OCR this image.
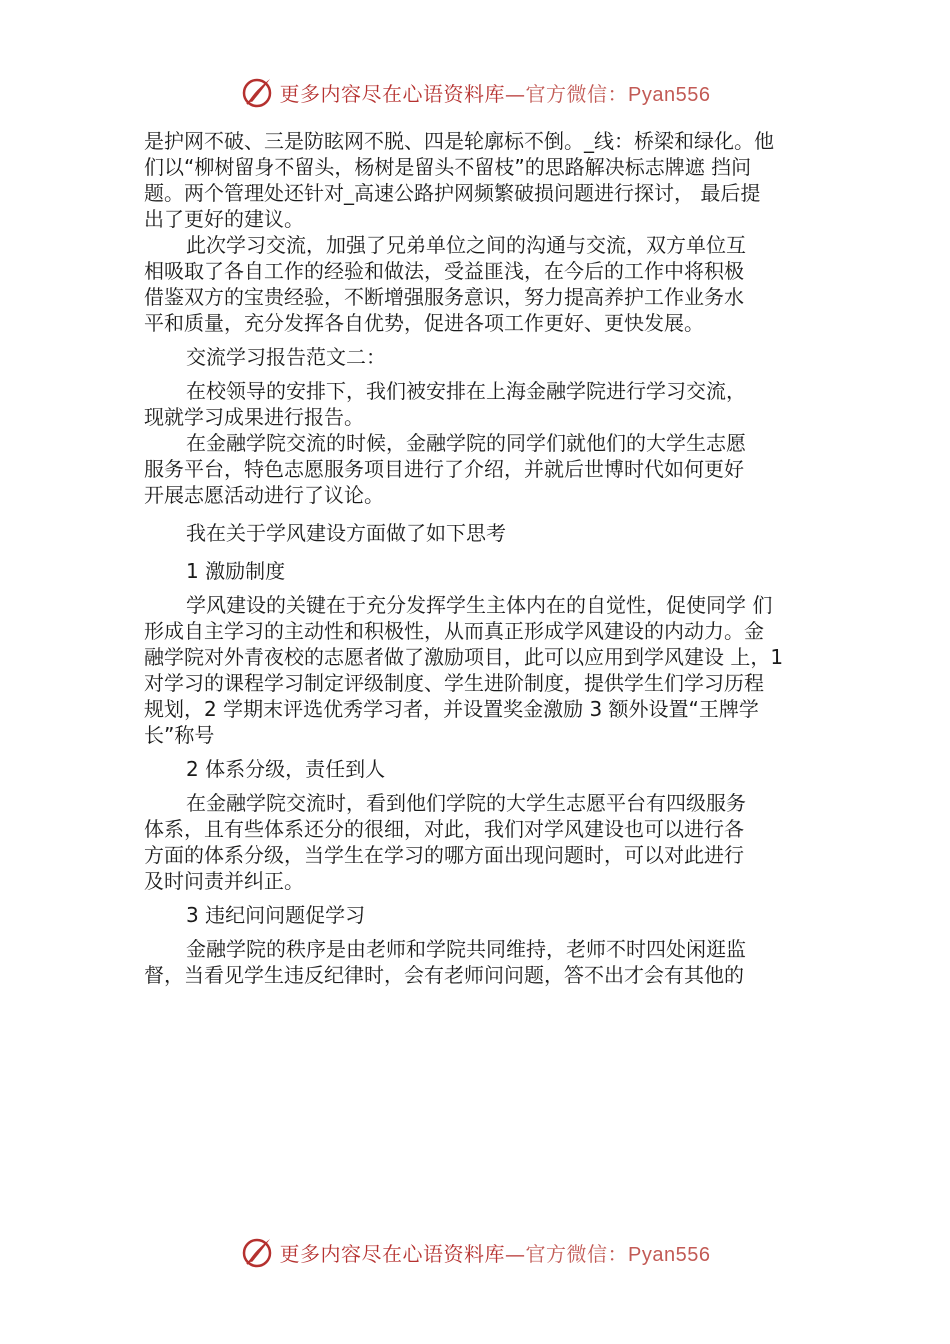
更多内容尽在心语资料库—官方微信：Pyan556
是护网不破、三是防眩网不脱、四是轮廓标不倒。_线：桥梁和绿化。他
们以“柳树留身不留头，杨树是留头不留枝”的思路解决标志牌遮 挡问
题。两个管理处还针对_高速公路护网频繁破损问题进行探讨， 最后提
出了更好的建议。
此次学习交流，加强了兄弟单位之间的沟通与交流，双方单位互
相吸取了各自工作的经验和做法，受益匪浅，在今后的工作中将积极
借鉴双方的宝贵经验，不断增强服务意识，努力提高养护工作业务水
平和质量，充分发挥各自优势，促进各项工作更好、更快发展。
交流学习报告范文二：
在校领导的安排下，我们被安排在上海金融学院进行学习交流，
现就学习成果进行报告。
在金融学院交流的时候，金融学院的同学们就他们的大学生志愿
服务平台，特色志愿服务项目进行了介绍，并就后世博时代如何更好
开展志愿活动进行了议论。
我在关于学风建设方面做了如下思考
1 激励制度
学风建设的关键在于充分发挥学生主体内在的自觉性，促使同学 们
形成自主学习的主动性和积极性，从而真正形成学风建设的内动力。金
融学院对外青夜校的志愿者做了激励项目，此可以应用到学风建设 上，1
对学习的课程学习制定评级制度、学生进阶制度，提供学生们学习历程
规划，2 学期末评选优秀学习者，并设置奖金激励 3 额外设置“王牌学
长”称号
2 体系分级，责任到人
在金融学院交流时，看到他们学院的大学生志愿平台有四级服务
体系，且有些体系还分的很细，对此，我们对学风建设也可以进行各
方面的体系分级，当学生在学习的哪方面出现问题时，可以对此进行
及时问责并纠正。
3 违纪问问题促学习
金融学院的秩序是由老师和学院共同维持，老师不时四处闲逛监
督，当看见学生违反纪律时，会有老师问问题，答不出才会有其他的
更多内容尽在心语资料库—官方微信：Pyan556
